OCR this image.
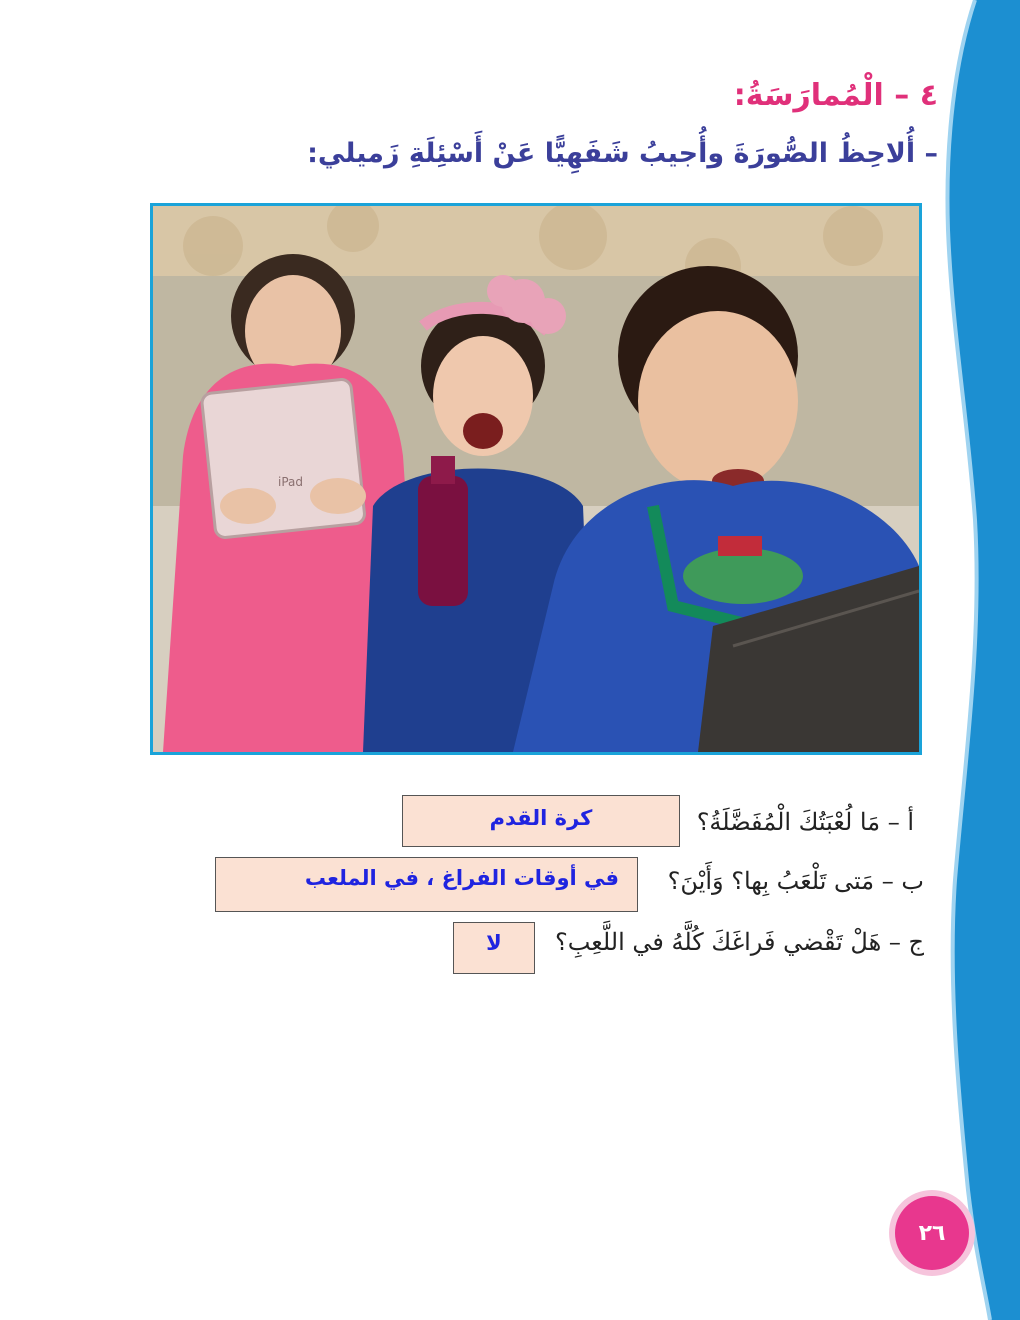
٤ – الْمُمارَسَةُ:
– أُلاحِظُ الصُّورَةَ وأُجيبُ شَفَهِيًّا عَنْ أَسْئِلَةِ زَميلي:
iPad
أ – مَا لُعْبَتُكَ الْمُفَضَّلَةُ؟
كرة القدم
ب – مَتى تَلْعَبُ بِها؟ وَأَيْنَ؟
في أوقات الفراغ ، في الملعب
ج – هَلْ تَقْضي فَراغَكَ كُلَّهُ في اللَّعِبِ؟
لا
٢٦
